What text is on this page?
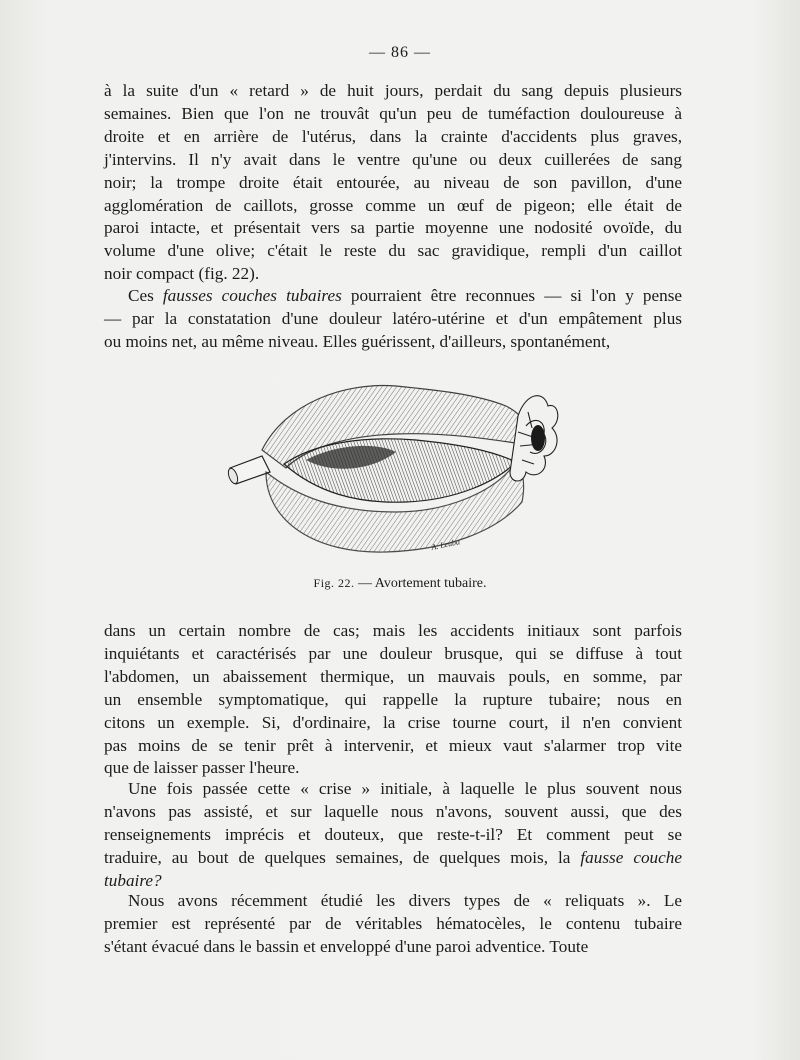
— 86 —

à la suite d'un « retard » de huit jours, perdait du sang depuis plusieurs
semaines. Bien que l'on ne trouvât qu'un peu de tuméfaction douloureuse à
droite et en arrière de l'utérus, dans la crainte d'accidents plus graves,
j'intervins. Il n'y avait dans le ventre qu'une ou deux cuillerées de sang
noir; la trompe droite était entourée, au niveau de son pavillon, d'une
agglomération de caillots, grosse comme un œuf de pigeon; elle était de
paroi intacte, et présentait vers sa partie moyenne une nodosité ovoïde, du
volume d'une olive; c'était le reste du sac gravidique, rempli d'un caillot
noir compact (fig. 22).

Ces fausses couches tubaires pourraient être reconnues — si l'on y pense
— par la constatation d'une douleur latéro-utérine et d'un empâtement plus
ou moins net, au même niveau. Elles guérissent, d'ailleurs, spontanément,

A. Leuba
Fig. 22. — Avortement tubaire.

dans un certain nombre de cas; mais les accidents initiaux sont parfois
inquiétants et caractérisés par une douleur brusque, qui se diffuse à tout
l'abdomen, un abaissement thermique, un mauvais pouls, en somme, par
un ensemble symptomatique, qui rappelle la rupture tubaire; nous en
citons un exemple. Si, d'ordinaire, la crise tourne court, il n'en convient
pas moins de se tenir prêt à intervenir, et mieux vaut s'alarmer trop vite
que de laisser passer l'heure.

Une fois passée cette « crise » initiale, à laquelle le plus souvent nous
n'avons pas assisté, et sur laquelle nous n'avons, souvent aussi, que des
renseignements imprécis et douteux, que reste-t-il? Et comment peut se
traduire, au bout de quelques semaines, de quelques mois, la fausse couche
tubaire?

Nous avons récemment étudié les divers types de « reliquats ». Le
premier est représenté par de véritables hématocèles, le contenu tubaire
s'étant évacué dans le bassin et enveloppé d'une paroi adventice. Toute
